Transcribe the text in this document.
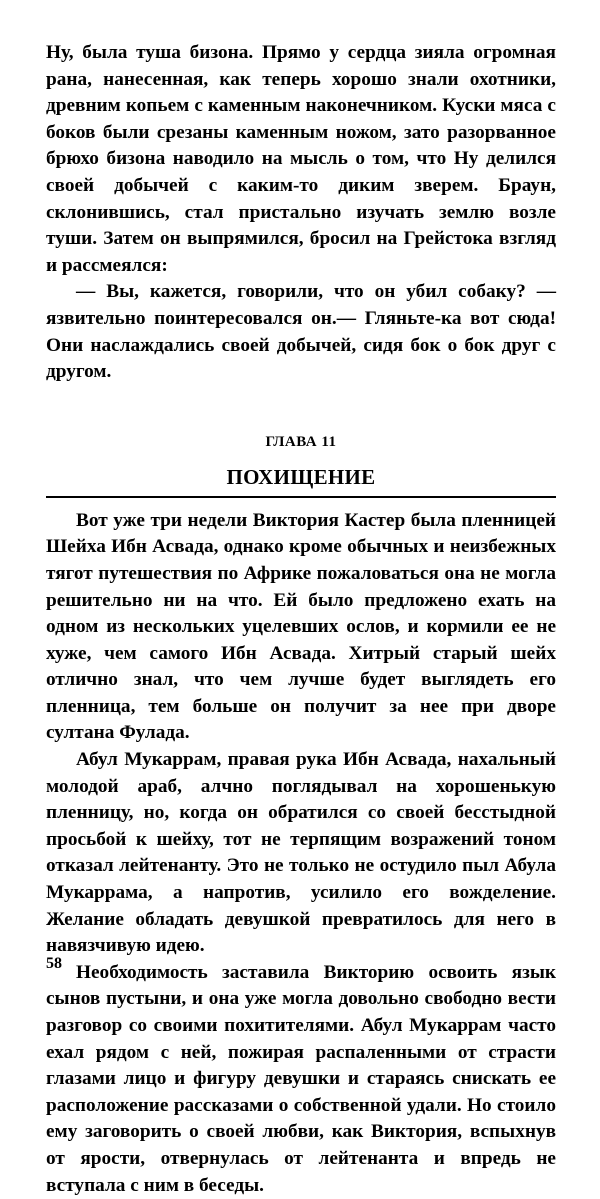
Ну, была туша бизона. Прямо у сердца зияла огромная рана, нанесенная, как теперь хорошо знали охотники, древним копьем с каменным наконечником. Куски мяса с боков были срезаны каменным ножом, зато разорванное брюхо бизона наводило на мысль о том, что Ну делился своей добычей с каким-то диким зверем. Браун, склонившись, стал пристально изучать землю возле туши. Затем он выпрямился, бросил на Грейстока взгляд и рассмеялся:

— Вы, кажется, говорили, что он убил собаку? — язвительно поинтересовался он.— Гляньте-ка вот сюда! Они наслаждались своей добычей, сидя бок о бок друг с другом.

ГЛАВА 11
ПОХИЩЕНИЕ

Вот уже три недели Виктория Кастер была пленницей Шейха Ибн Асвада, однако кроме обычных и неизбежных тягот путешествия по Африке пожаловаться она не могла решительно ни на что. Ей было предложено ехать на одном из нескольких уцелевших ослов, и кормили ее не хуже, чем самого Ибн Асвада. Хитрый старый шейх отлично знал, что чем лучше будет выглядеть его пленница, тем больше он получит за нее при дворе султана Фулада.

Абул Мукаррам, правая рука Ибн Асвада, нахальный молодой араб, алчно поглядывал на хорошенькую пленницу, но, когда он обратился со своей бесстыдной просьбой к шейху, тот не терпящим возражений тоном отказал лейтенанту. Это не только не остудило пыл Абула Мукаррама, а напротив, усилило его вожделение. Желание обладать девушкой превратилось для него в навязчивую идею.

Необходимость заставила Викторию освоить язык сынов пустыни, и она уже могла довольно свободно вести разговор со своими похитителями. Абул Мукаррам часто ехал рядом с ней, пожирая распаленными от страсти глазами лицо и фигуру девушки и стараясь снискать ее расположение рассказами о собственной удали. Но стоило ему заговорить о своей любви, как Виктория, вспыхнув от ярости, отвернулась от лейтенанта и впредь не вступала с ним в беседы.

58
